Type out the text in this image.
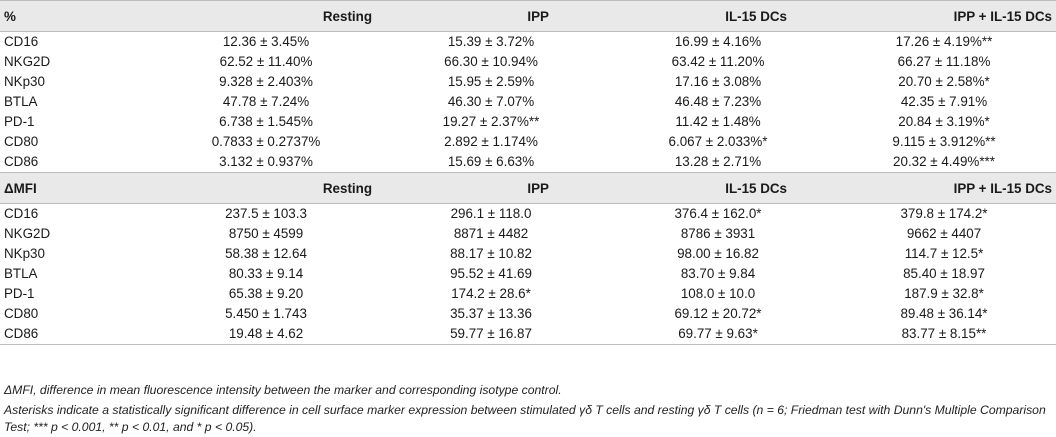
%	Resting	IPP	IL-15 DCs	IPP + IL-15 DCs
CD16	12.36 ± 3.45%	15.39 ± 3.72%	16.99 ± 4.16%	17.26 ± 4.19%**
NKG2D	62.52 ± 11.40%	66.30 ± 10.94%	63.42 ± 11.20%	66.27 ± 11.18%
NKp30	9.328 ± 2.403%	15.95 ± 2.59%	17.16 ± 3.08%	20.70 ± 2.58%*
BTLA	47.78 ± 7.24%	46.30 ± 7.07%	46.48 ± 7.23%	42.35 ± 7.91%
PD-1	6.738 ± 1.545%	19.27 ± 2.37%**	11.42 ± 1.48%	20.84 ± 3.19%*
CD80	0.7833 ± 0.2737%	2.892 ± 1.174%	6.067 ± 2.033%*	9.115 ± 3.912%**
CD86	3.132 ± 0.937%	15.69 ± 6.63%	13.28 ± 2.71%	20.32 ± 4.49%***
ΔMFI	Resting	IPP	IL-15 DCs	IPP + IL-15 DCs
CD16	237.5 ± 103.3	296.1 ± 118.0	376.4 ± 162.0*	379.8 ± 174.2*
NKG2D	8750 ± 4599	8871 ± 4482	8786 ± 3931	9662 ± 4407
NKp30	58.38 ± 12.64	88.17 ± 10.82	98.00 ± 16.82	114.7 ± 12.5*
BTLA	80.33 ± 9.14	95.52 ± 41.69	83.70 ± 9.84	85.40 ± 18.97
PD-1	65.38 ± 9.20	174.2 ± 28.6*	108.0 ± 10.0	187.9 ± 32.8*
CD80	5.450 ± 1.743	35.37 ± 13.36	69.12 ± 20.72*	89.48 ± 36.14*
CD86	19.48 ± 4.62	59.77 ± 16.87	69.77 ± 9.63*	83.77 ± 8.15**

ΔMFI, difference in mean fluorescence intensity between the marker and corresponding isotype control.

Asterisks indicate a statistically significant difference in cell surface marker expression between stimulated γδ T cells and resting γδ T cells (n = 6; Friedman test with Dunn's Multiple Comparison Test; *** p < 0.001, ** p < 0.01, and * p < 0.05).
